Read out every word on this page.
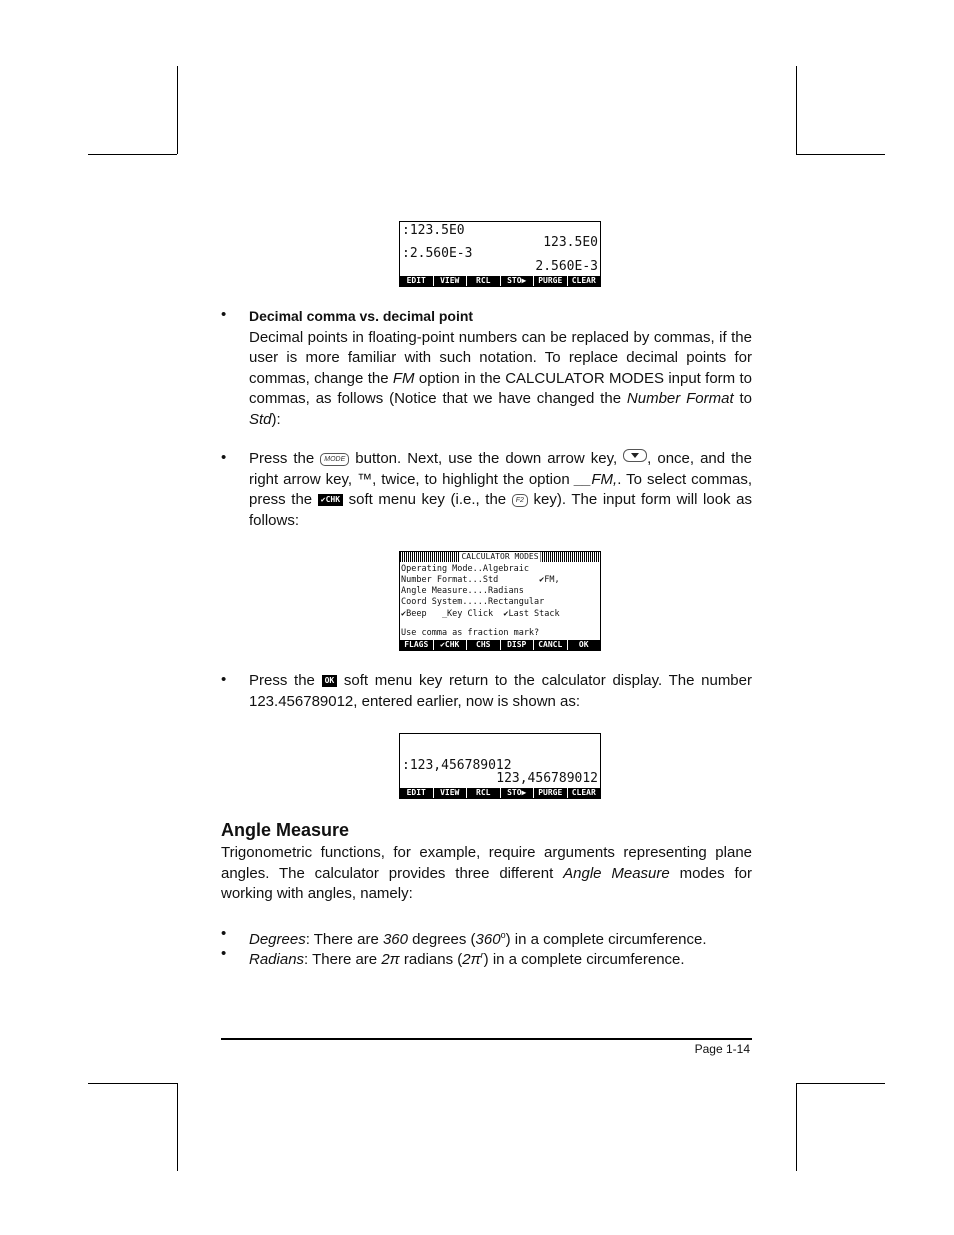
:123.5E0
123.5E0
:2.560E-3
2.560E-3
EDIT	VIEW	RCL	STO▶	PURGE	CLEAR
• Decimal comma vs. decimal point
Decimal points in floating-point numbers can be replaced by commas, if the user is more familiar with such notation. To replace decimal points for commas, change the FM option in the CALCULATOR MODES input form to commas, as follows (Notice that we have changed the Number Format to Std):
• Press the MODE button. Next, use the down arrow key, , once, and the right arrow key, ™, twice, to highlight the option __FM,. To select commas, press the ✔CHK soft menu key (i.e., the F2 key). The input form will look as follows:
CALCULATOR MODES
Operating Mode..Algebraic
Number Format...Std        ✔FM,
Angle Measure....Radians
Coord System.....Rectangular
✔Beep   _Key Click  ✔Last Stack
Use comma as fraction mark?
FLAGS	✔CHK	CHS	DISP	CANCL	OK
• Press the OK soft menu key return to the calculator display. The number 123.456789012, entered earlier, now is shown as:
:123,456789012
123,456789012
EDIT	VIEW	RCL	STO▶	PURGE	CLEAR
Angle Measure
Trigonometric functions, for example, require arguments representing plane angles. The calculator provides three different Angle Measure modes for working with angles, namely:
• Degrees: There are 360 degrees (360$^o$) in a complete circumference.
• Radians: There are 2π radians $(2\pi^r)$ in a complete circumference.
Page 1-14
